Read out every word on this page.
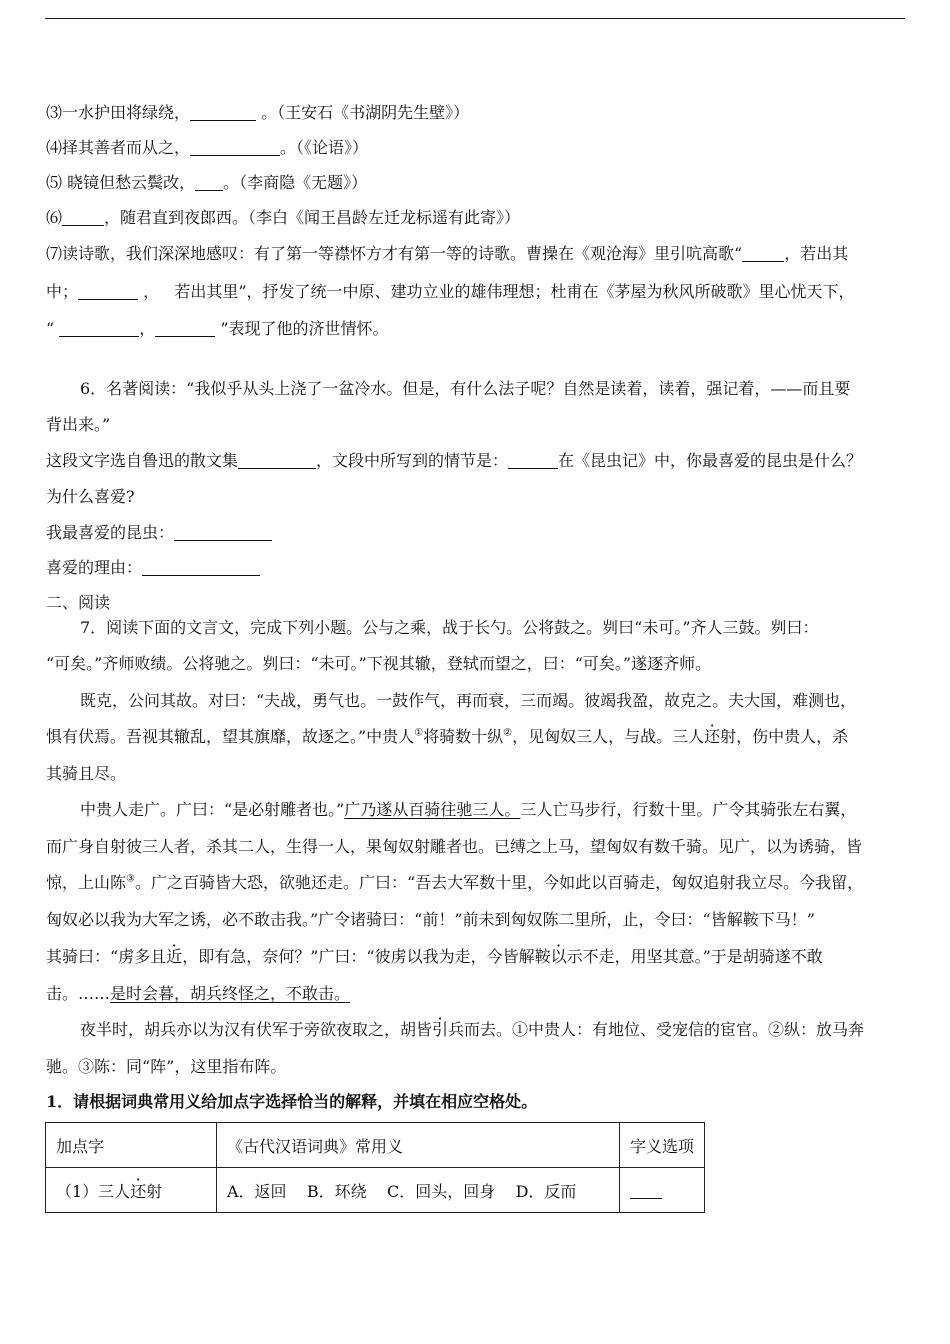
⑶一水护田将绿绕，	。（王安石《书湖阴先生壁》）
⑷择其善者而从之，	。（《论语》）
⑸ 晓镜但愁云鬓改， 。（李商隐《无题》）
⑹	，随君直到夜郎西。（李白《闻王昌龄左迁龙标遥有此寄》）
⑺读诗歌，我们深深地感叹：有了第一等襟怀方才有第一等的诗歌。曹操在《观沧海》里引吭高歌“	，若出其
中；	，   若出其里”，抒发了统一中原、建功立业的雄伟理想；杜甫在《茅屋为秋风所破歌》里心忧天下，
“	，	”表现了他的济世情怀。
6．名著阅读：“我似乎从头上浇了一盆冷水。但是，有什么法子呢？自然是读着，读着，强记着，——而且要
背出来。”
这段文字选自鲁迅的散文集	，文段中所写到的情节是：	在《昆虫记》中，你最喜爱的昆虫是什么？
为什么喜爱?
我最喜爱的昆虫：
喜爱的理由：
二、阅读
7．阅读下面的文言文，完成下列小题。公与之乘，战于长勺。公将鼓之。刿曰“未可。”齐人三鼓。刿曰：
“可矣。”齐师败绩。公将驰之。刿曰：“未可。”下视其辙，登轼而望之，曰：“可矣。”遂逐齐师。
既克，公问其故。对曰：“夫战，勇气也。一鼓作气，再而衰，三而竭。彼竭我盈，故克之。夫大国，难测也，
惧有伏焉。吾视其辙乱，望其旗靡，故逐之。”中贵人①将骑数十纵②，见匈奴三人，与战。三人还射，伤中贵人，杀
其骑且尽。
中贵人走广。广曰：“是必射雕者也。”广乃遂从百骑往驰三人。三人亡马步行，行数十里。广令其骑张左右翼，
而广身自射彼三人者，杀其二人，生得一人，果匈奴射雕者也。已缚之上马，望匈奴有数千骑。见广，以为诱骑，皆
惊，上山陈③。广之百骑皆大恐，欲驰还走。广曰：“吾去大军数十里，今如此以百骑走，匈奴追射我立尽。今我留，
匈奴必以我为大军之诱，必不敢击我。”广令诸骑曰：“前！”前未到匈奴陈二里所，止，令曰：“皆解鞍下马！”
其骑曰：“虏多且近，即有急，奈何？”广曰：“彼虏以我为走，今皆解鞍以示不走，用坚其意。”于是胡骑遂不敢
击。……是时会暮，胡兵终怪之，不敢击。
夜半时，胡兵亦以为汉有伏军于旁欲夜取之，胡皆引兵而去。①中贵人：有地位、受宠信的宦官。②纵：放马奔
驰。③陈：同“阵”，这里指布阵。
1．请根据词典常用义给加点字选择恰当的解释，并填在相应空格处。
加点字	《古代汉语词典》常用义	字义选项
（1）三人还射	A．返回    B．环绕    C．回头，回身    D．反而	
